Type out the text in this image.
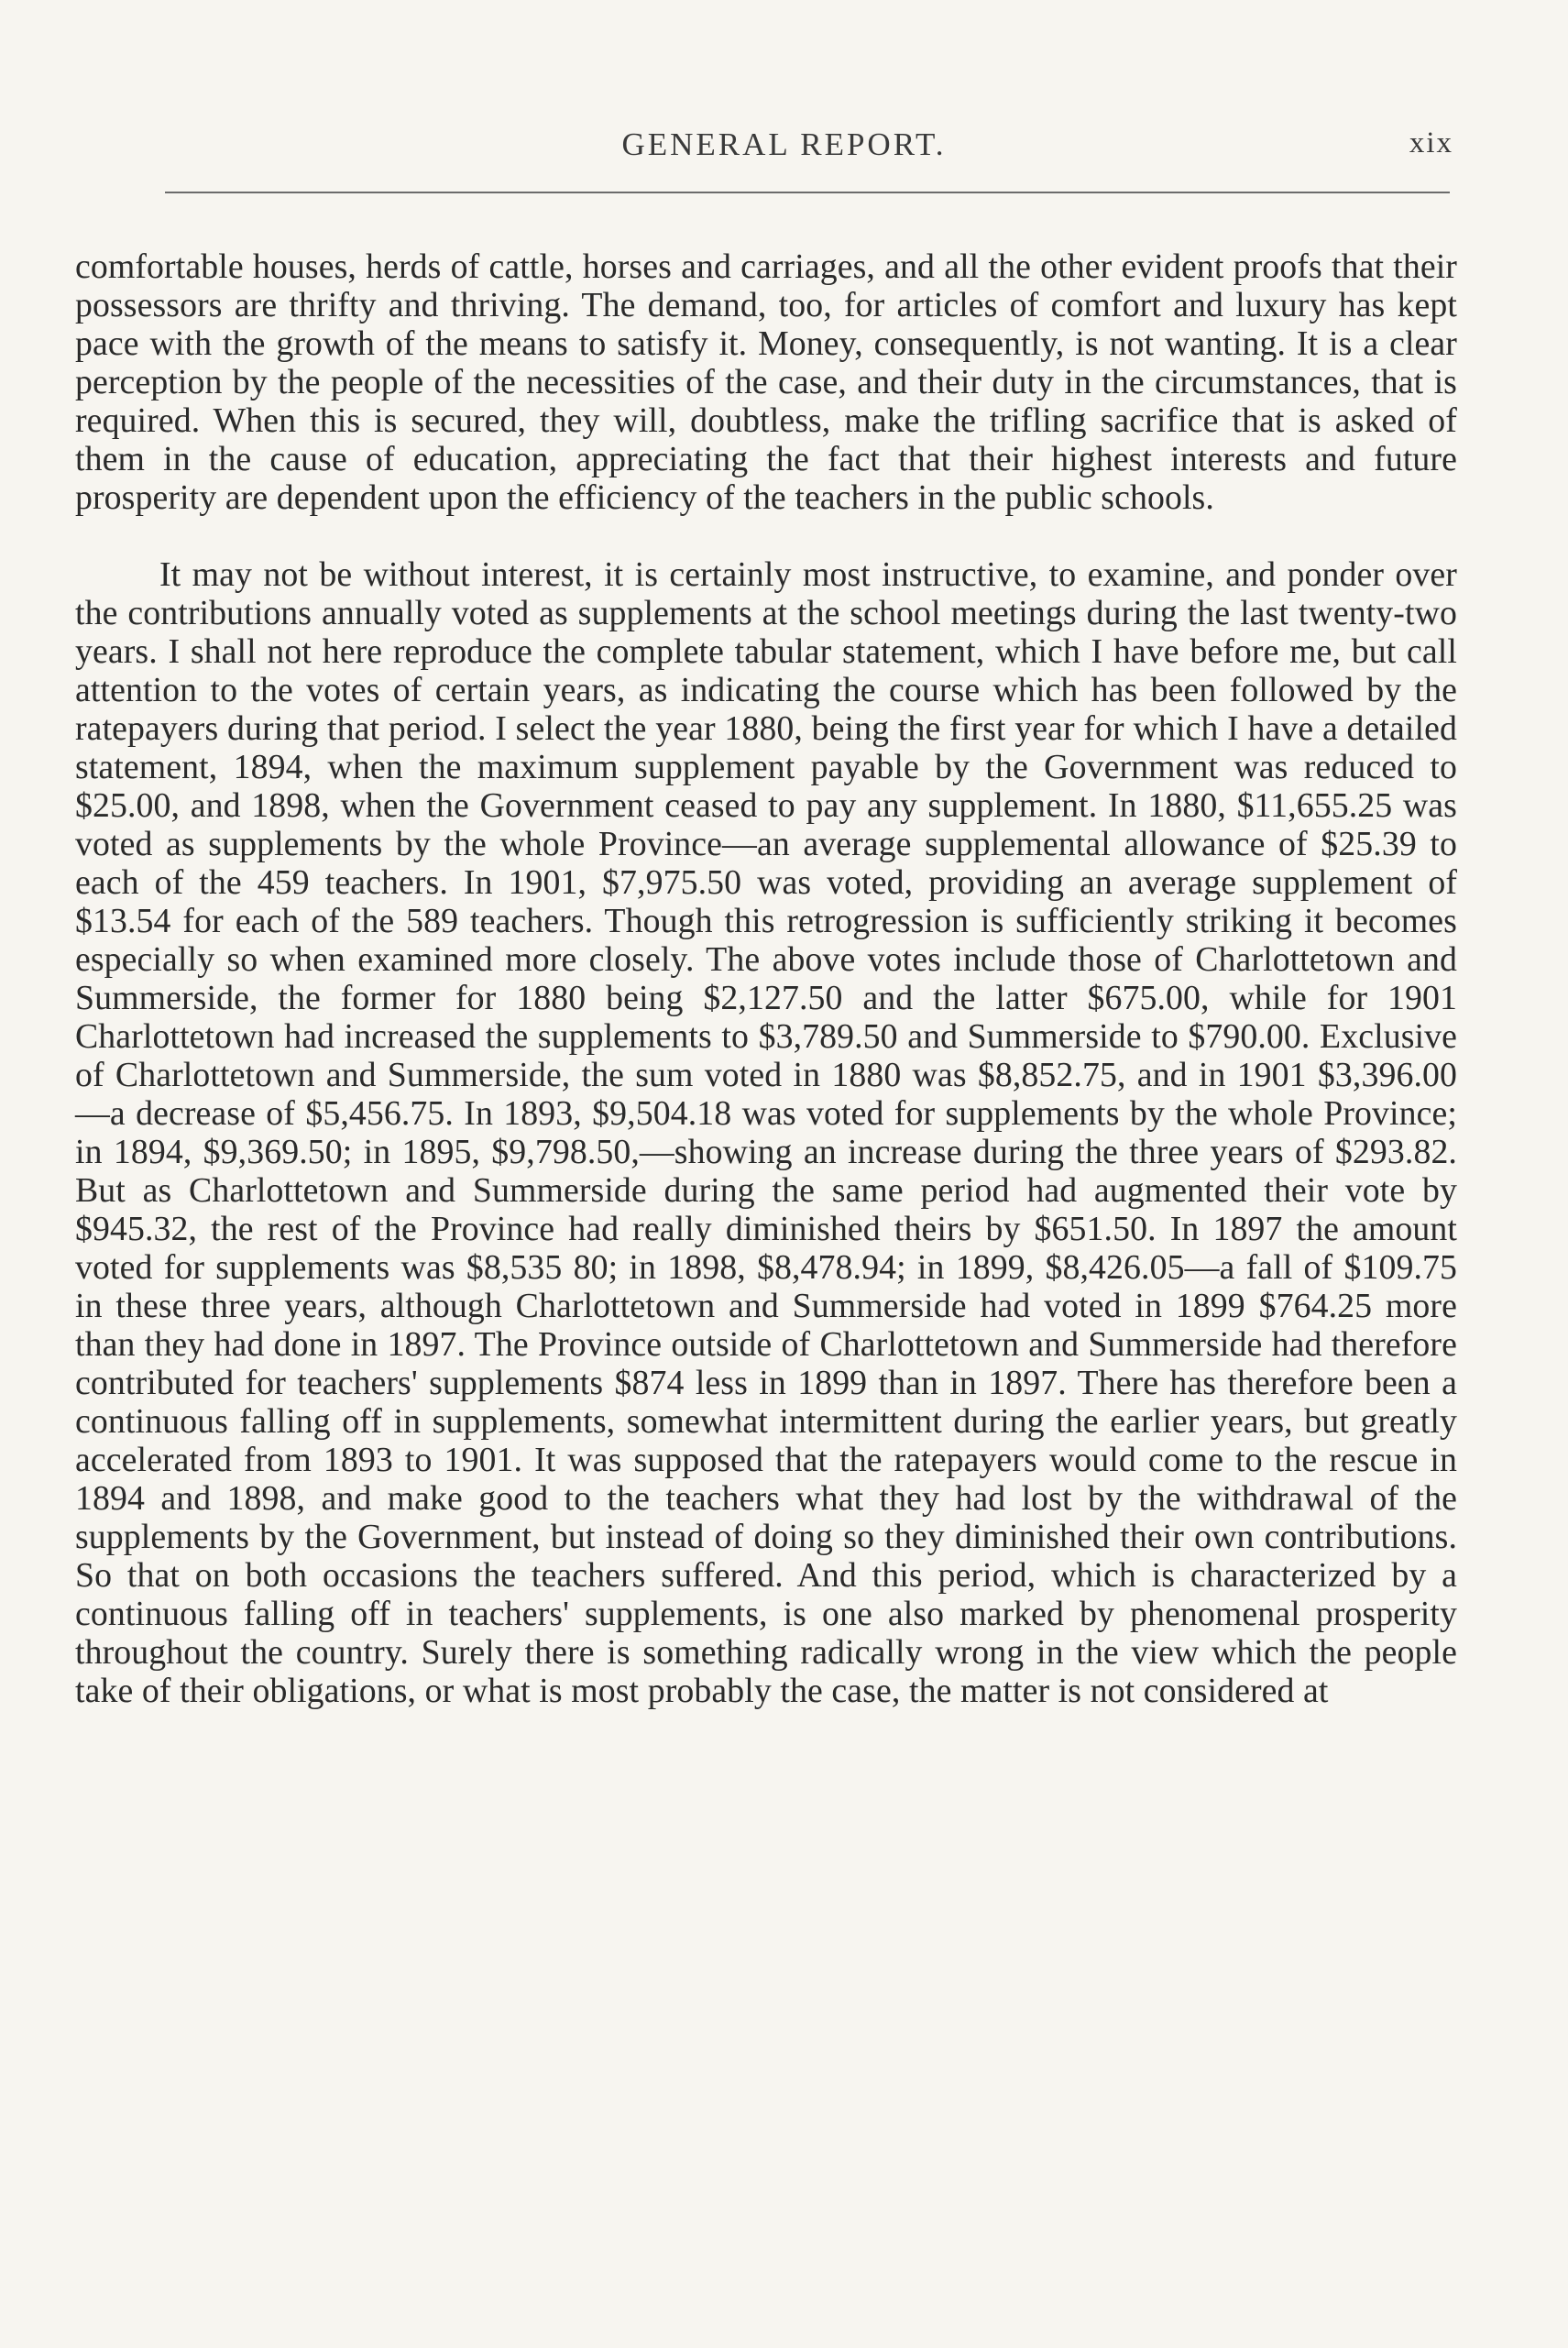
GENERAL REPORT.	xix

comfortable houses, herds of cattle, horses and carriages, and all the other evident proofs that their possessors are thrifty and thriving. The demand, too, for articles of comfort and luxury has kept pace with the growth of the means to satisfy it. Money, consequently, is not wanting. It is a clear perception by the people of the necessities of the case, and their duty in the circumstances, that is required. When this is secured, they will, doubtless, make the trifling sacrifice that is asked of them in the cause of education, appreciating the fact that their highest interests and future prosperity are dependent upon the efficiency of the teachers in the public schools.

It may not be without interest, it is certainly most instructive, to examine, and ponder over the contributions annually voted as supplements at the school meetings during the last twenty-two years. I shall not here reproduce the complete tabular statement, which I have before me, but call attention to the votes of certain years, as indicating the course which has been followed by the ratepayers during that period. I select the year 1880, being the first year for which I have a detailed statement, 1894, when the maximum supplement payable by the Government was reduced to $25.00, and 1898, when the Government ceased to pay any supplement. In 1880, $11,655.25 was voted as supplements by the whole Province—an average supplemental allowance of $25.39 to each of the 459 teachers. In 1901, $7,975.50 was voted, providing an average supplement of $13.54 for each of the 589 teachers. Though this retrogression is sufficiently striking it becomes especially so when examined more closely. The above votes include those of Charlottetown and Summerside, the former for 1880 being $2,127.50 and the latter $675.00, while for 1901 Charlottetown had increased the supplements to $3,789.50 and Summerside to $790.00. Exclusive of Charlottetown and Summerside, the sum voted in 1880 was $8,852.75, and in 1901 $3,396.00—a decrease of $5,456.75. In 1893, $9,504.18 was voted for supplements by the whole Province; in 1894, $9,369.50; in 1895, $9,798.50,—showing an increase during the three years of $293.82. But as Charlottetown and Summerside during the same period had augmented their vote by $945.32, the rest of the Province had really diminished theirs by $651.50. In 1897 the amount voted for supplements was $8,535 80; in 1898, $8,478.94; in 1899, $8,426.05—a fall of $109.75 in these three years, although Charlottetown and Summerside had voted in 1899 $764.25 more than they had done in 1897. The Province outside of Charlottetown and Summerside had therefore contributed for teachers' supplements $874 less in 1899 than in 1897. There has therefore been a continuous falling off in supplements, somewhat intermittent during the earlier years, but greatly accelerated from 1893 to 1901. It was supposed that the ratepayers would come to the rescue in 1894 and 1898, and make good to the teachers what they had lost by the withdrawal of the supplements by the Government, but instead of doing so they diminished their own contributions. So that on both occasions the teachers suffered. And this period, which is characterized by a continuous falling off in teachers' supplements, is one also marked by phenomenal prosperity throughout the country. Surely there is something radically wrong in the view which the people take of their obligations, or what is most probably the case, the matter is not considered at
